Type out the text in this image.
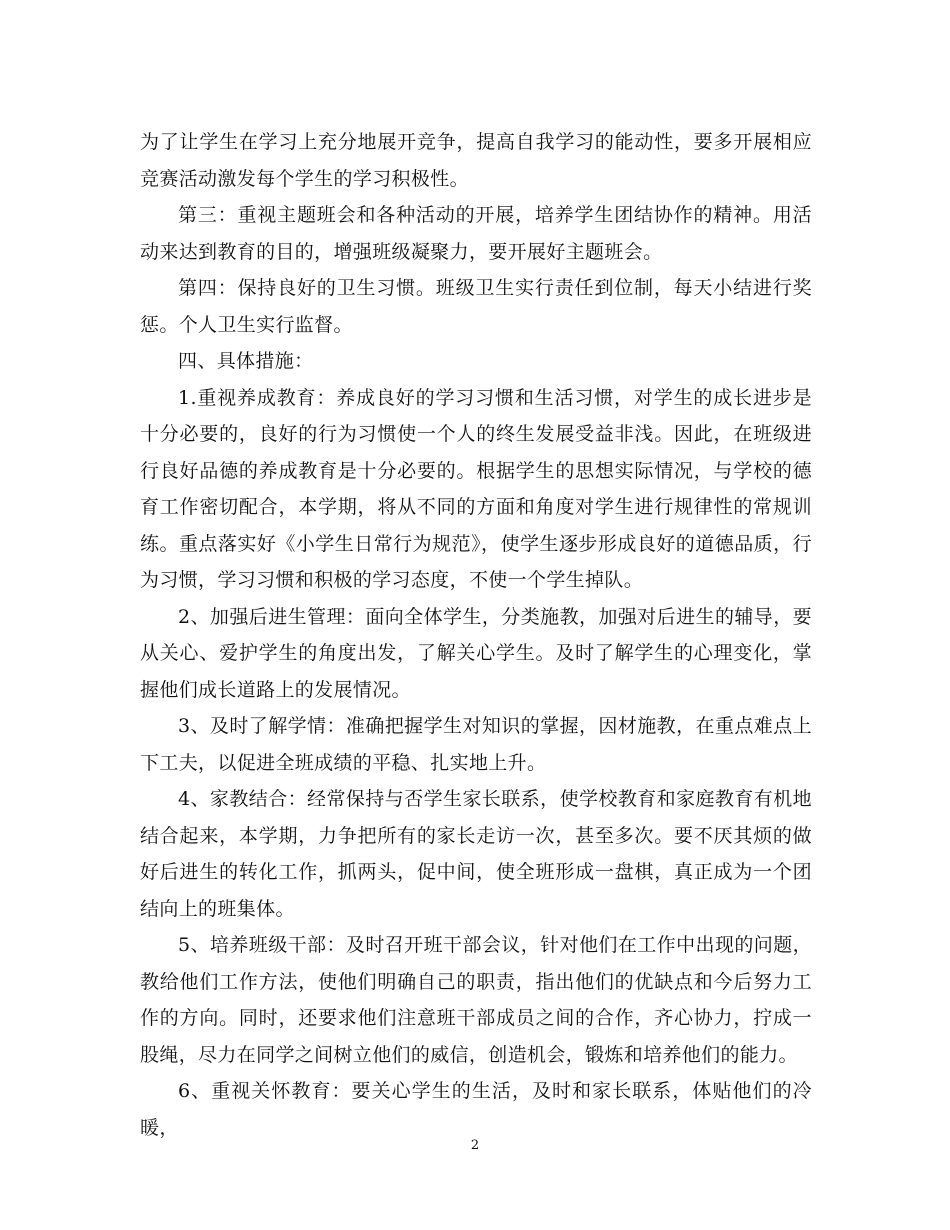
为了让学生在学习上充分地展开竞争，提高自我学习的能动性，要多开展相应竞赛活动激发每个学生的学习积极性。

第三：重视主题班会和各种活动的开展，培养学生团结协作的精神。用活动来达到教育的目的，增强班级凝聚力，要开展好主题班会。

第四：保持良好的卫生习惯。班级卫生实行责任到位制，每天小结进行奖惩。个人卫生实行监督。

四、具体措施：

1.重视养成教育：养成良好的学习习惯和生活习惯，对学生的成长进步是十分必要的，良好的行为习惯使一个人的终生发展受益非浅。因此，在班级进行良好品德的养成教育是十分必要的。根据学生的思想实际情况，与学校的德育工作密切配合，本学期，将从不同的方面和角度对学生进行规律性的常规训练。重点落实好《小学生日常行为规范》，使学生逐步形成良好的道德品质，行为习惯，学习习惯和积极的学习态度，不使一个学生掉队。

2、加强后进生管理：面向全体学生，分类施教，加强对后进生的辅导，要从关心、爱护学生的角度出发，了解关心学生。及时了解学生的心理变化，掌握他们成长道路上的发展情况。

3、及时了解学情：准确把握学生对知识的掌握，因材施教，在重点难点上下工夫，以促进全班成绩的平稳、扎实地上升。

4、家教结合：经常保持与否学生家长联系，使学校教育和家庭教育有机地结合起来，本学期，力争把所有的家长走访一次，甚至多次。要不厌其烦的做好后进生的转化工作，抓两头，促中间，使全班形成一盘棋，真正成为一个团结向上的班集体。

5、培养班级干部：及时召开班干部会议，针对他们在工作中出现的问题，教给他们工作方法，使他们明确自己的职责，指出他们的优缺点和今后努力工作的方向。同时，还要求他们注意班干部成员之间的合作，齐心协力，拧成一股绳，尽力在同学之间树立他们的威信，创造机会，锻炼和培养他们的能力。

6、重视关怀教育：要关心学生的生活，及时和家长联系，体贴他们的冷暖，

2
